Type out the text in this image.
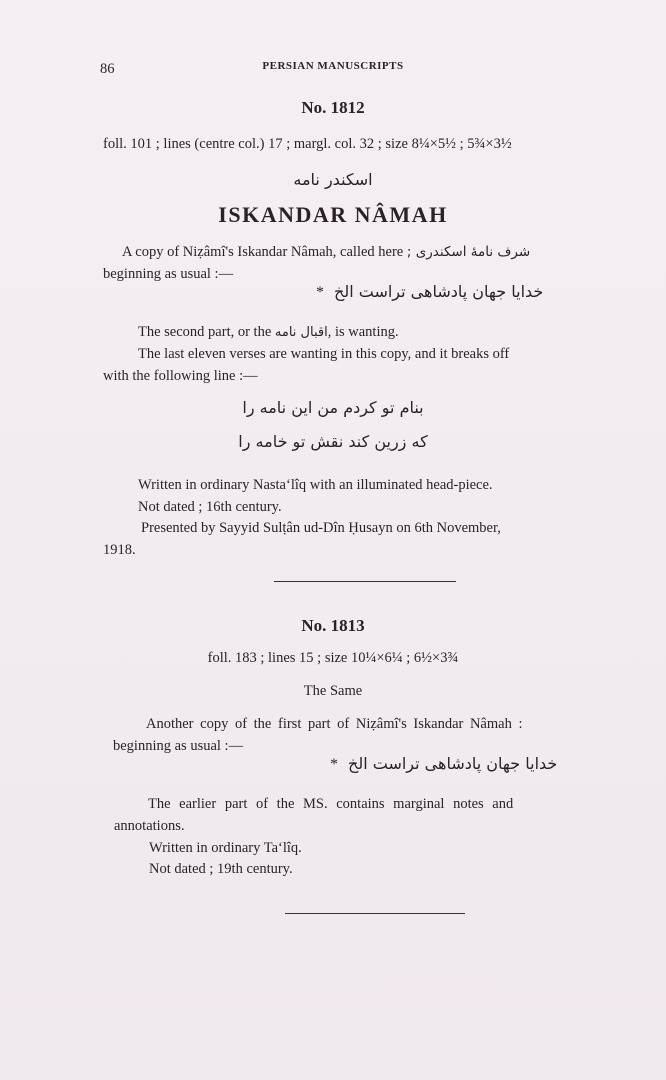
86	PERSIAN MANUSCRIPTS
No. 1812
foll. 101 ; lines (centre col.) 17 ; margl. col. 32 ; size 8¼×5½ ; 5¾×3½
اسکندر نامه
ISKANDAR NÂMAH
A copy of Niẓâmî's Iskandar Nâmah, called here شرف نامهٔ اسکندری ;
beginning as usual :—
* خدایا جهان پادشاهی تراست الخ
The second part, or the اقبال نامه, is wanting.
The last eleven verses are wanting in this copy, and it breaks off
with the following line :—
بنام تو کردم من این نامه را
که زرین کند نقش تو خامه را
Written in ordinary Nasta‘lîq with an illuminated head-piece.
Not dated ; 16th century.
Presented by Sayyid Sulṭân ud-Dîn Ḥusayn on 6th November,
1918.
No. 1813
foll. 183 ; lines 15 ; size 10¼×6¼ ; 6½×3¾
The Same
Another copy of the first part of Niẓâmî's Iskandar Nâmah :
beginning as usual :—
* خدایا جهان پادشاهی تراست الخ
The earlier part of the MS. contains marginal notes and
annotations.
Written in ordinary Ta‘lîq.
Not dated ; 19th century.
